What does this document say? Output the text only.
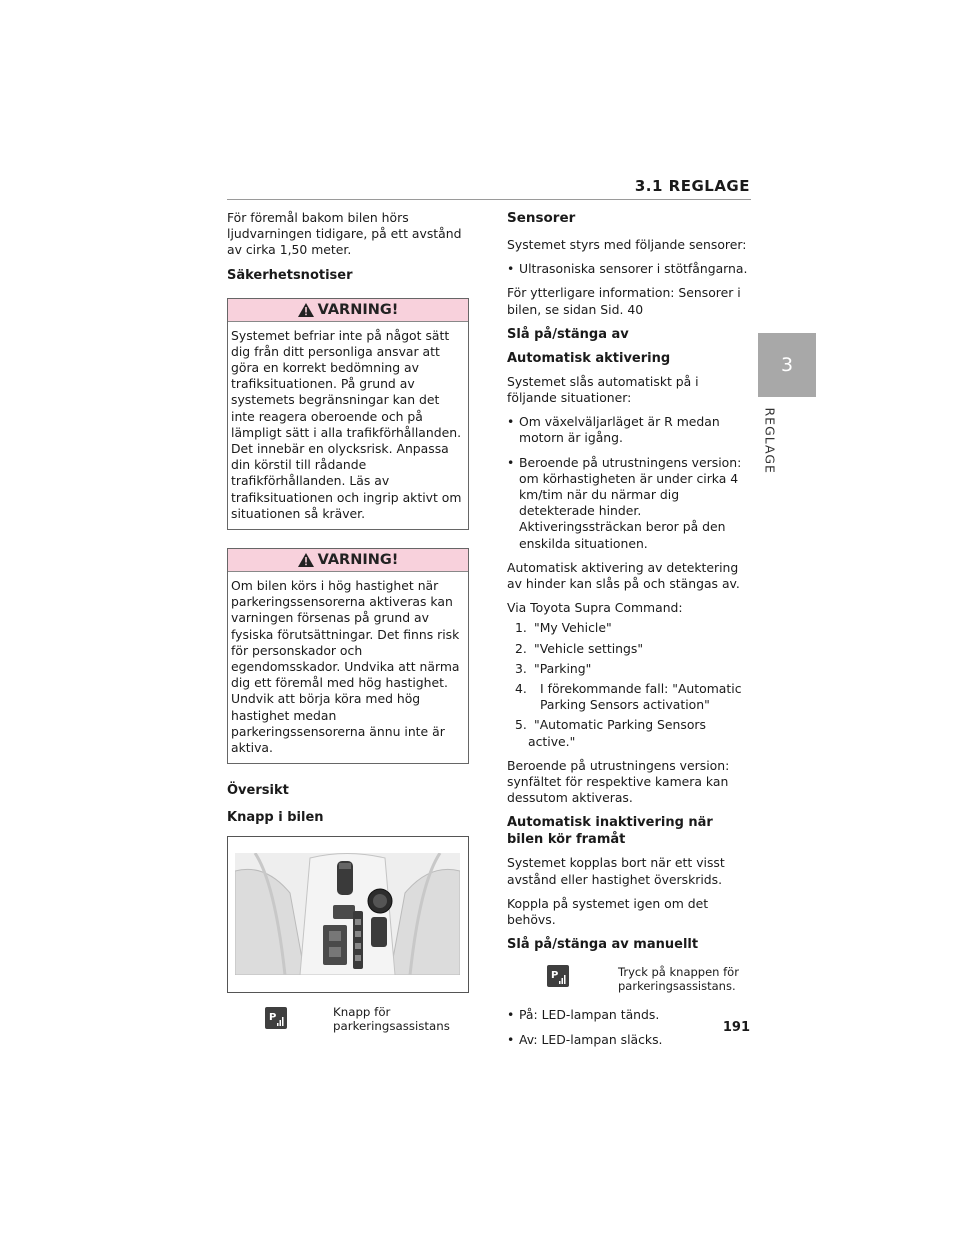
3.1 REGLAGE
3
REGLAGE

För föremål bakom bilen hörs ljudvarningen tidigare, på ett avstånd av cirka 1,50 meter.

Säkerhetsnotiser
VARNING!
Systemet befriar inte på något sätt dig från ditt personliga ansvar att göra en korrekt bedömning av trafiksituationen. På grund av systemets begränsningar kan det inte reagera oberoende och på lämpligt sätt i alla trafikförhållanden. Det innebär en olycksrisk. Anpassa din körstil till rådande trafikförhållanden. Läs av trafiksituationen och ingrip aktivt om situationen så kräver.
VARNING!
Om bilen körs i hög hastighet när parkeringssensorerna aktiveras kan varningen försenas på grund av fysiska förutsättningar. Det finns risk för personskador och egendomsskador. Undvika att närma dig ett föremål med hög hastighet. Undvik att börja köra med hög hastighet medan parkeringssensorerna ännu inte är aktiva.
Översikt
Knapp i bilen
P	Knapp för parkeringsassistans
Sensorer

Systemet styrs med följande sensorer:

• Ultrasoniska sensorer i stötfångarna.

För ytterligare information: Sensorer i bilen, se sidan Sid. 40

Slå på/stänga av
Automatisk aktivering

Systemet slås automatiskt på i följande situationer:

• Om växelväljarläget är R medan motorn är igång.
• Beroende på utrustningens version: om körhastigheten är under cirka 4 km/tim när du närmar dig detekterade hinder. Aktiveringssträckan beror på den enskilda situationen.

Automatisk aktivering av detektering av hinder kan slås på och stängas av.

Via Toyota Supra Command:

1. "My Vehicle"
2. "Vehicle settings"
3. "Parking"
4.	I förekommande fall: "Automatic Parking Sensors activation"
5. "Automatic Parking Sensors active."

Beroende på utrustningens version: synfältet för respektive kamera kan dessutom aktiveras.

Automatisk inaktivering när bilen kör framåt

Systemet kopplas bort när ett visst avstånd eller hastighet överskrids.

Koppla på systemet igen om det behövs.

Slå på/stänga av manuellt
P	Tryck på knappen för parkeringsassistans.
• På: LED-lampan tänds.
• Av: LED-lampan släcks.
191
